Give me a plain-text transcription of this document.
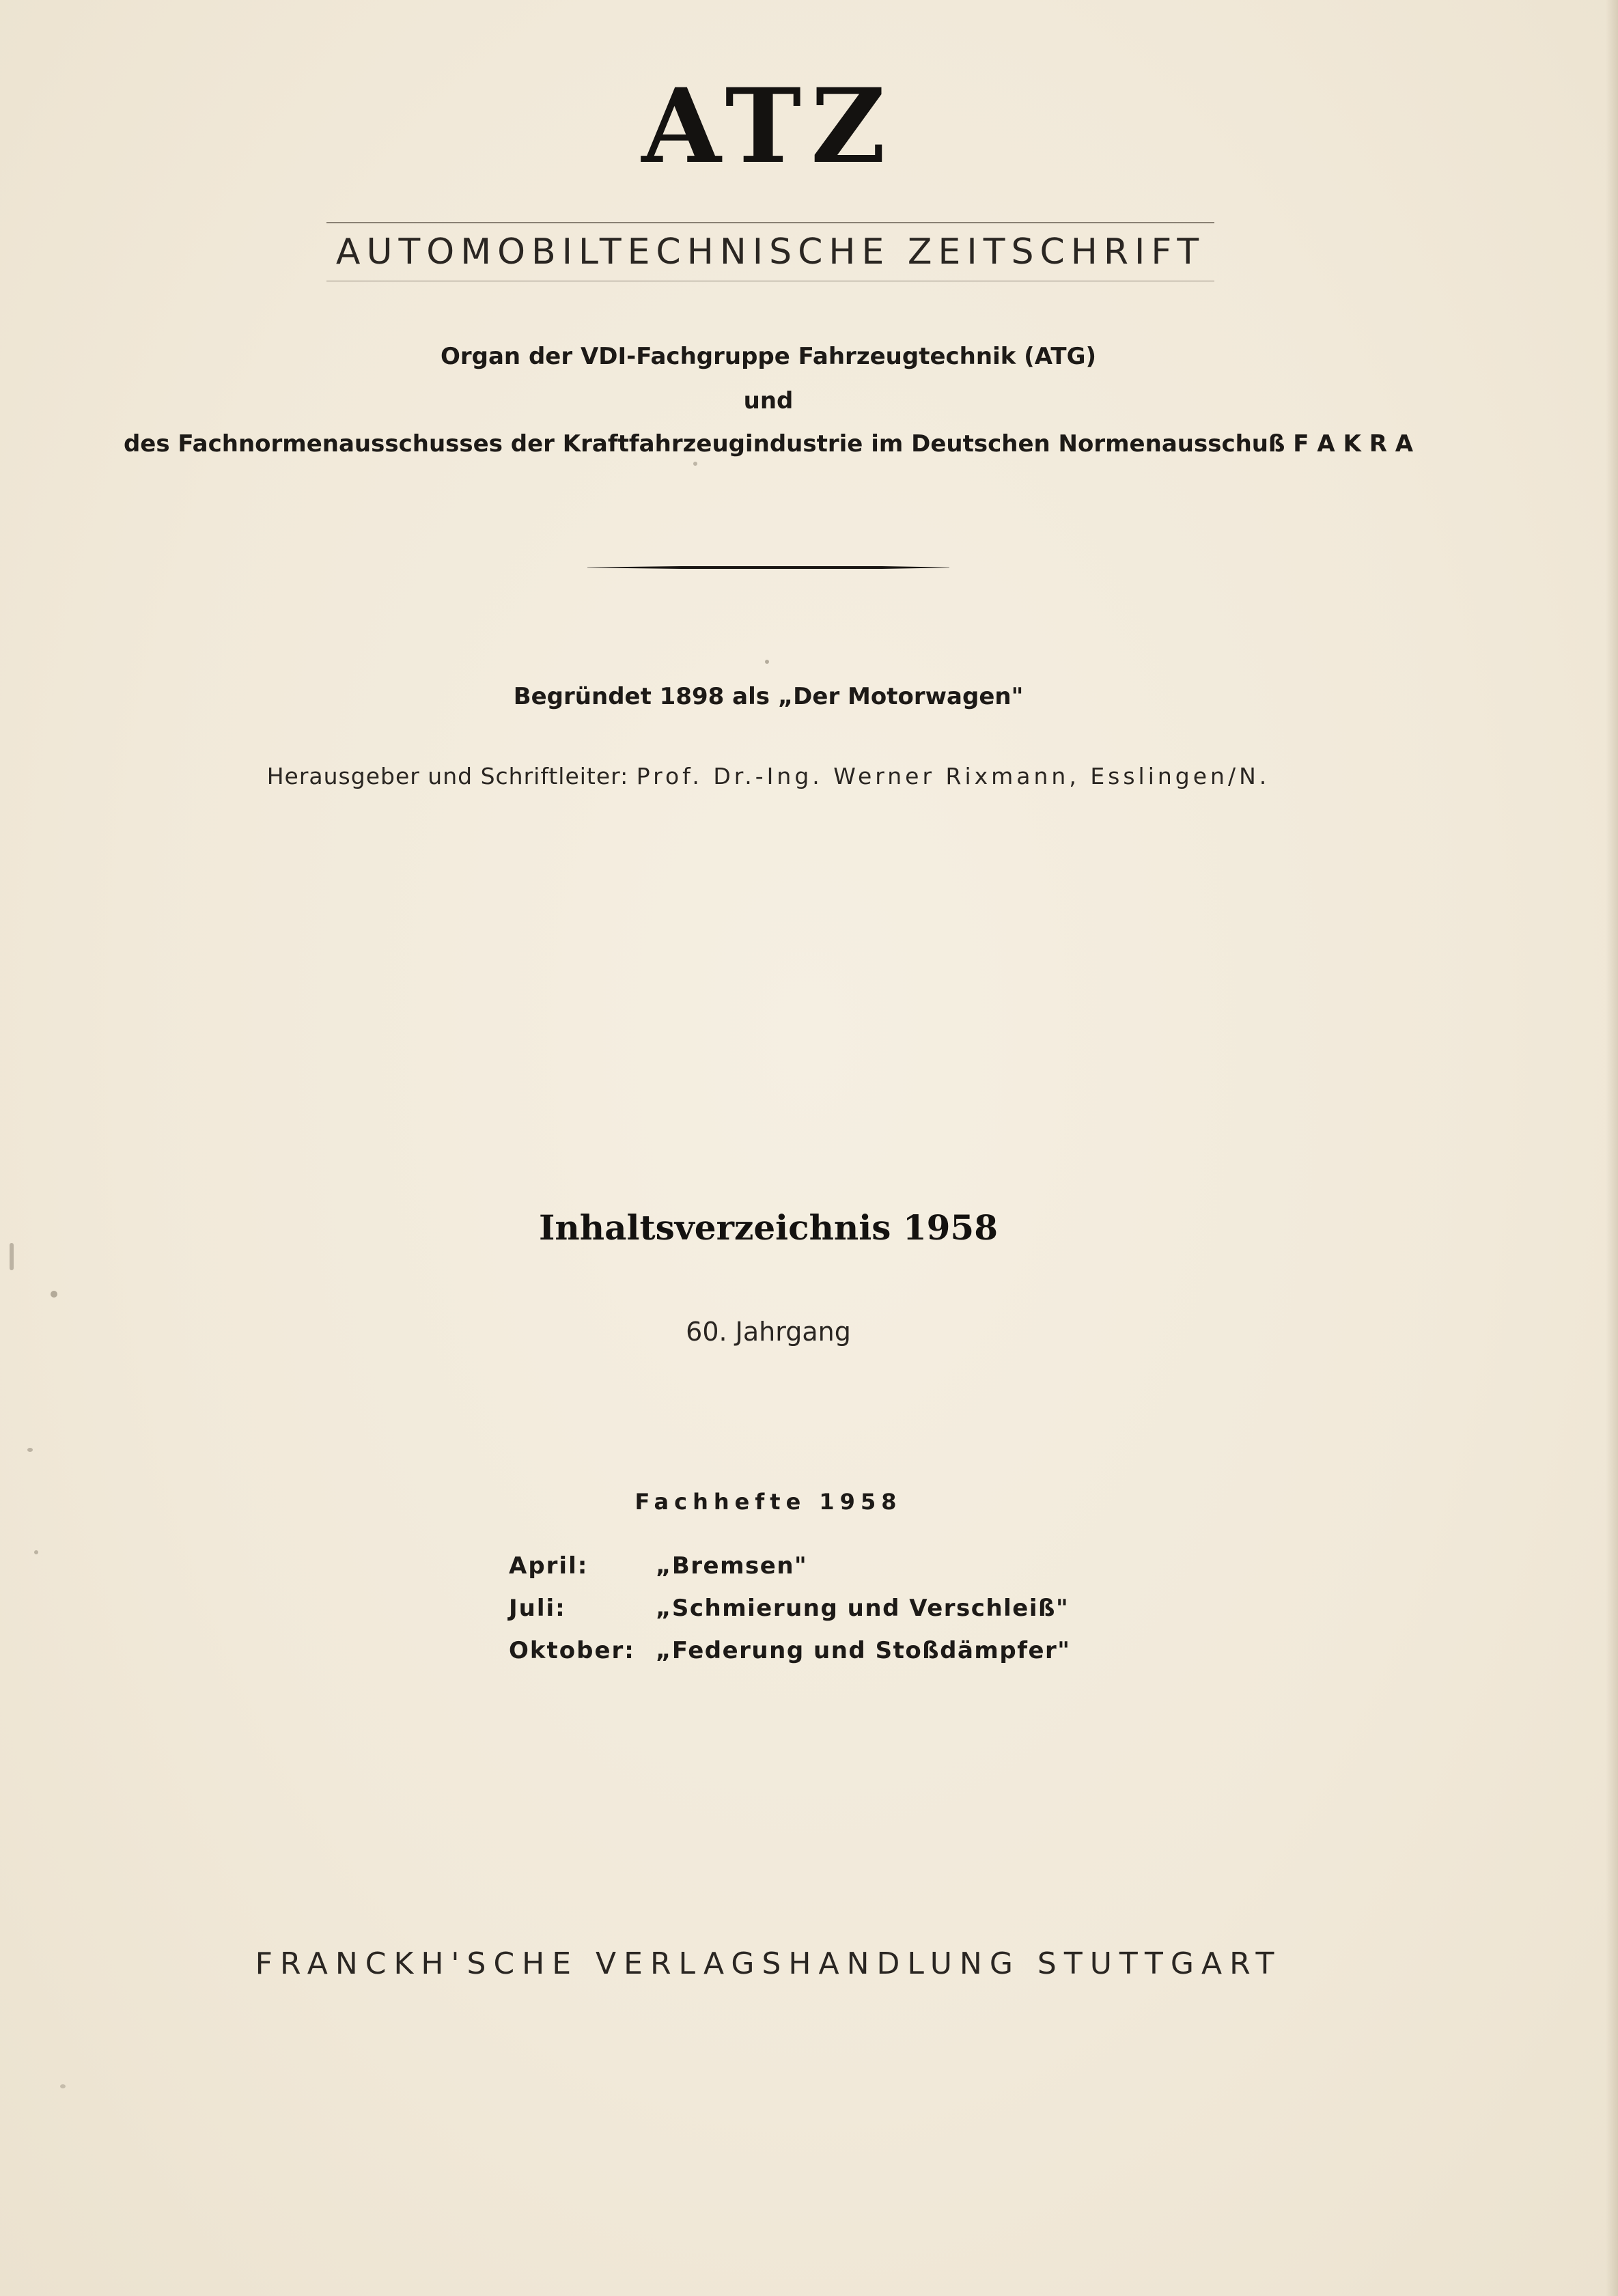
ATZ
AUTOMOBILTECHNISCHE ZEITSCHRIFT
Organ der VDI-Fachgruppe Fahrzeugtechnik (ATG)
und
des Fachnormenausschusses der Kraftfahrzeugindustrie im Deutschen Normenausschuß F A K R A
Begründet 1898 als „Der Motorwagen"
Herausgeber und Schriftleiter: Prof. Dr.-Ing. Werner Rixmann, Esslingen/N.
Inhaltsverzeichnis 1958
60. Jahrgang
Fachhefte 1958
April:	„Bremsen"
Juli:	„Schmierung und Verschleiß"
Oktober: „Federung und Stoßdämpfer"
FRANCKH'SCHE VERLAGSHANDLUNG STUTTGART
